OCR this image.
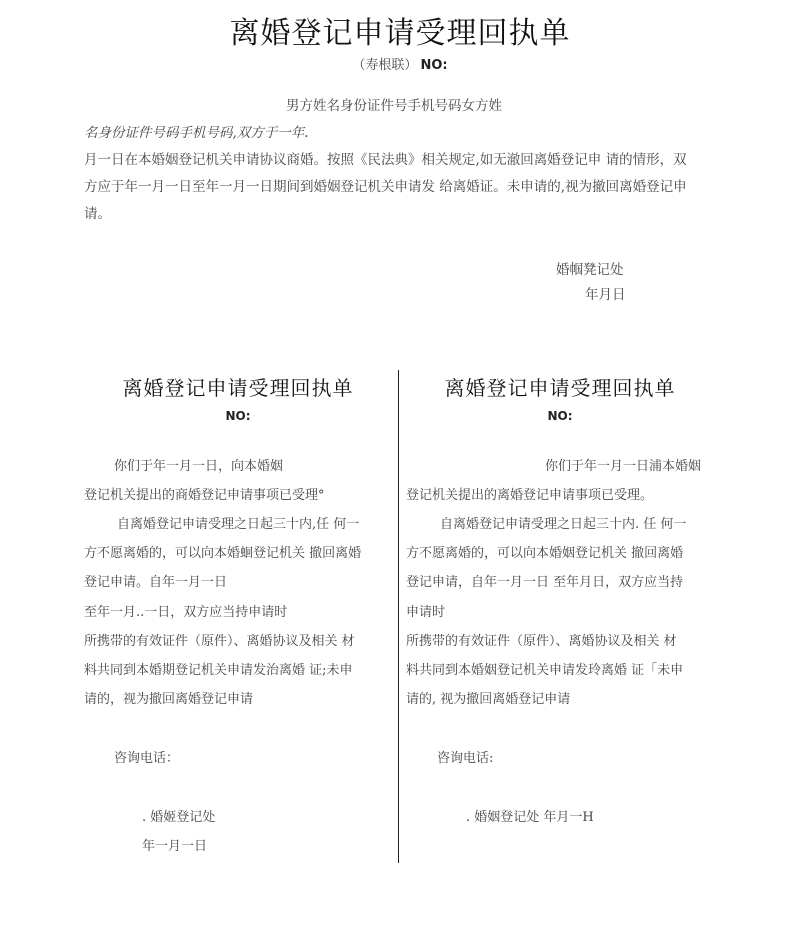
离婚登记申请受理回执单
（寿根联） NO:
男方姓名身份证件号手机号码女方姓
名身份证件号码手机号码,双方于一年.
月一日在本婚姻登记机关申请协议商婚。按照《民法典》相关规定,如无澈回离婚登记申 请的情形，双
方应于年一月一日至年一月一日期间到婚姻登记机关申请发 给离婚证。未申请的,视为撤回离婚登记申
请。
婚帼凳记处
年月日
离婚登记申请受理回执单
NO:
你们于年一月一日，向本婚姻
登记机关提出的商婚登记申请事项已受理°
自离婚登记申请受理之日起三十内,任 何一
方不愿离婚的，可以向本婚蛔登记机关 撤回离婚
登记申请。自年一月一日
至年一月..一日，双方应当持申请时
所携带的有效证件（原件）、离婚协议及相关 材
料共同到本婚期登记机关申请发治离婚 证;未申
请的，视为撤回离婚登记申请
咨询电话：
. 婚姬登记处
年一月一日
离婚登记申请受理回执单
NO:
你们于年一月一日浦本婚姻
登记机关提出的离婚登记申请事项已受理。
自离婚登记申请受理之日起三十内. 任 何一
方不愿离婚的，可以向本婚姻登记机关 撤回离婚
登记申请，自年一月一日 至年月日，双方应当持
申请时
所携带的有效证件（原件）、离婚协议及相关 材
料共同到本婚姻登记机关申请发玲离婚 证「未申
请的, 视为撤回离婚登记申请
咨询电话:
. 婚姻登记处 年月一H
